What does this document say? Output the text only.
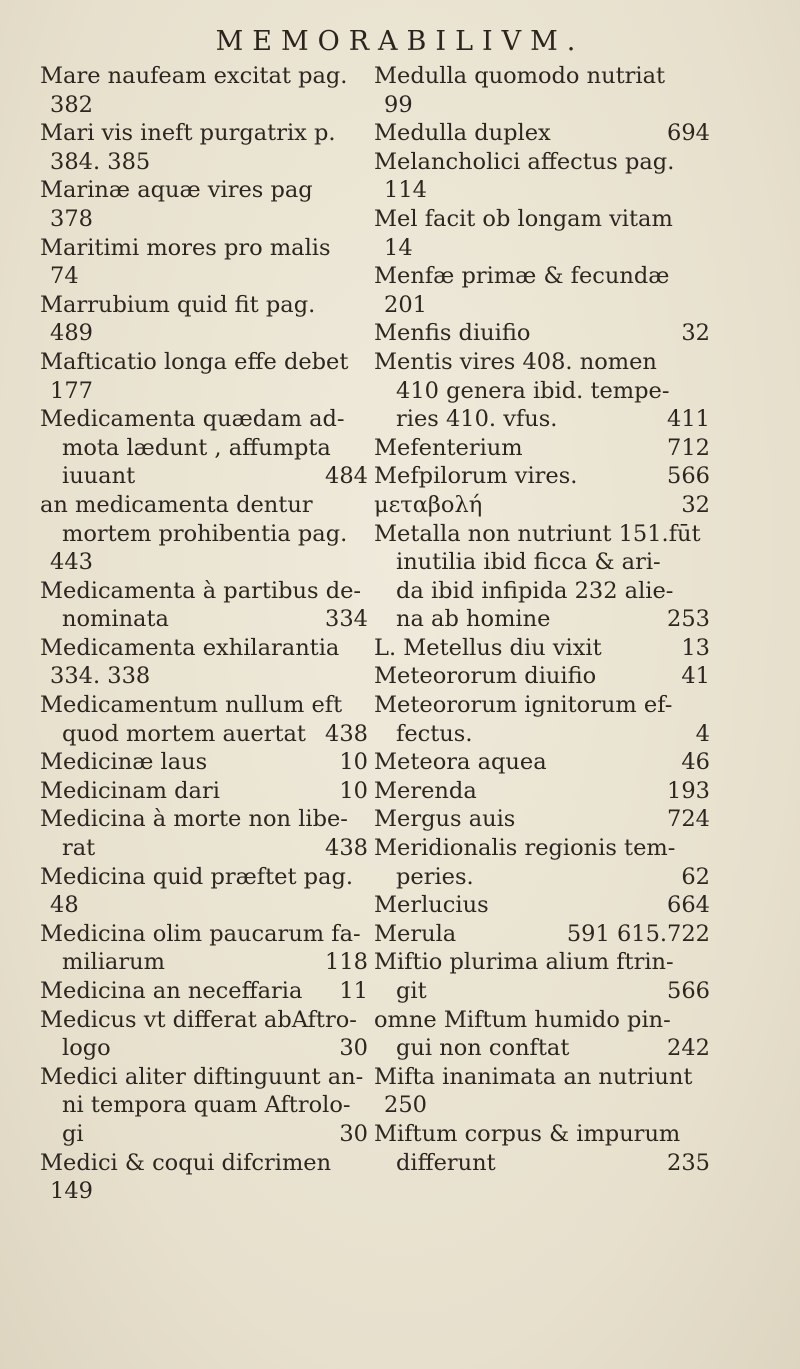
MEMORABILIVM.
Mare naufeam excitat pag.
382
Mari vis ineft purgatrix p.
384. 385
Marinæ aquæ vires pag
378
Maritimi mores pro malis
74
Marrubium quid fit pag.
489
Mafticatio longa effe debet
177
Medicamenta quædam ad-
mota lædunt , affumpta
iuuant	484
an medicamenta dentur
mortem prohibentia pag.
443
Medicamenta à partibus de-
nominata	334
Medicamenta exhilarantia
334. 338
Medicamentum nullum eft
quod mortem auertat 438
Medicinæ laus	10
Medicinam dari	10
Medicina à morte non libe-
rat	438
Medicina quid præftet pag.
48
Medicina olim paucarum fa-
miliarum	118
Medicina an neceffaria	11
Medicus vt differat abAftro-
logo	30
Medici aliter diftinguunt an-
ni tempora quam Aftrolo-
gi	30
Medici & coqui difcrimen
149
Medulla quomodo nutriat
99
Medulla duplex	694
Melancholici affectus pag.
114
Mel facit ob longam vitam
14
Menfæ primæ & fecundæ
201
Menfis diuifio	32
Mentis vires 408. nomen
410 genera ibid. tempe-
ries 410. vfus.	411
Mefenterium	712
Mefpilorum vires.	566
μεταβολή	32
Metalla non nutriunt 151.fūt
inutilia ibid ficca & ari-
da ibid infipida 232 alie-
na ab homine	253
L. Metellus diu vixit	13
Meteororum diuifio	41
Meteororum ignitorum ef-
fectus.	4
Meteora aquea	46
Merenda	193
Mergus auis	724
Meridionalis regionis tem-
peries.	62
Merlucius	664
Merula	591 615.722
Miftio plurima alium ftrin-
git	566
omne Miftum humido pin-
gui non conftat	242
Mifta inanimata an nutriunt
250
Miftum corpus & impurum
differunt	235
